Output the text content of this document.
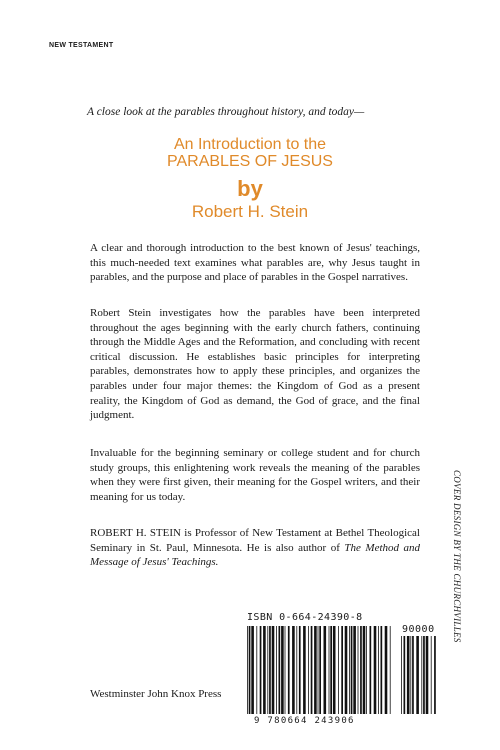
NEW TESTAMENT
A close look at the parables throughout history, and today—
An Introduction to the
PARABLES OF JESUS
by
Robert H. Stein
A clear and thorough introduction to the best known of Jesus' teachings, this much-needed text examines what parables are, why Jesus taught in parables, and the purpose and place of parables in the Gospel narratives.
Robert Stein investigates how the parables have been interpreted throughout the ages beginning with the early church fathers, continuing through the Middle Ages and the Reformation, and concluding with recent critical discussion. He establishes basic principles for interpreting parables, demonstrates how to apply these principles, and organizes the parables under four major themes: the Kingdom of God as a present reality, the Kingdom of God as demand, the God of grace, and the final judgment.
Invaluable for the beginning seminary or college student and for church study groups, this enlightening work reveals the meaning of the parables when they were first given, their meaning for the Gospel writers, and their meaning for us today.
ROBERT H. STEIN is Professor of New Testament at Bethel Theological Seminary in St. Paul, Minnesota. He is also author of The Method and Message of Jesus' Teachings.
ISBN 0-664-24390-8
90000
9 780664 243906
Westminster John Knox Press
COVER DESIGN BY THE CHURCHVILLES
